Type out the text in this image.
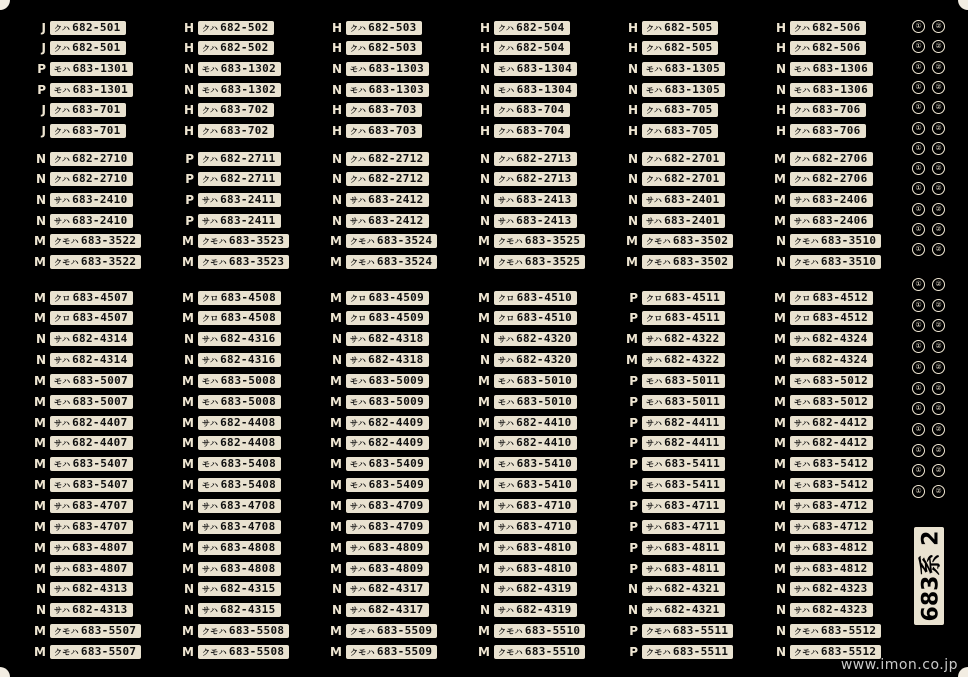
J	クハ 682-501	H	クハ 682-502	H	クハ 682-503	H	クハ 682-504	H	クハ 682-505	H	クハ 682-506
J	クハ 682-501	H	クハ 682-502	H	クハ 682-503	H	クハ 682-504	H	クハ 682-505	H	クハ 682-506
P	モハ 683-1301	N	モハ 683-1302	N	モハ 683-1303	N	モハ 683-1304	N	モハ 683-1305	N	モハ 683-1306
P	モハ 683-1301	N	モハ 683-1302	N	モハ 683-1303	N	モハ 683-1304	N	モハ 683-1305	N	モハ 683-1306
J	クハ 683-701	H	クハ 683-702	H	クハ 683-703	H	クハ 683-704	H	クハ 683-705	H	クハ 683-706
J	クハ 683-701	H	クハ 683-702	H	クハ 683-703	H	クハ 683-704	H	クハ 683-705	H	クハ 683-706
N	クハ 682-2710	P	クハ 682-2711	N	クハ 682-2712	N	クハ 682-2713	N	クハ 682-2701	M	クハ 682-2706
N	クハ 682-2710	P	クハ 682-2711	N	クハ 682-2712	N	クハ 682-2713	N	クハ 682-2701	M	クハ 682-2706
N	サハ 683-2410	P	サハ 683-2411	N	サハ 683-2412	N	サハ 683-2413	N	サハ 683-2401	M	サハ 683-2406
N	サハ 683-2410	P	サハ 683-2411	N	サハ 683-2412	N	サハ 683-2413	N	サハ 683-2401	M	サハ 683-2406
M	クモハ 683-3522	M	クモハ 683-3523	M	クモハ 683-3524	M	クモハ 683-3525	M	クモハ 683-3502	N	クモハ 683-3510
M	クモハ 683-3522	M	クモハ 683-3523	M	クモハ 683-3524	M	クモハ 683-3525	M	クモハ 683-3502	N	クモハ 683-3510
M	クロ 683-4507	M	クロ 683-4508	M	クロ 683-4509	M	クロ 683-4510	P	クロ 683-4511	M	クロ 683-4512
M	クロ 683-4507	M	クロ 683-4508	M	クロ 683-4509	M	クロ 683-4510	P	クロ 683-4511	M	クロ 683-4512
N	サハ 682-4314	N	サハ 682-4316	N	サハ 682-4318	N	サハ 682-4320	M	サハ 682-4322	M	サハ 682-4324
N	サハ 682-4314	N	サハ 682-4316	N	サハ 682-4318	N	サハ 682-4320	M	サハ 682-4322	M	サハ 682-4324
M	モハ 683-5007	M	モハ 683-5008	M	モハ 683-5009	M	モハ 683-5010	P	モハ 683-5011	M	モハ 683-5012
M	モハ 683-5007	M	モハ 683-5008	M	モハ 683-5009	M	モハ 683-5010	P	モハ 683-5011	M	モハ 683-5012
M	サハ 682-4407	M	サハ 682-4408	M	サハ 682-4409	M	サハ 682-4410	P	サハ 682-4411	M	サハ 682-4412
M	サハ 682-4407	M	サハ 682-4408	M	サハ 682-4409	M	サハ 682-4410	P	サハ 682-4411	M	サハ 682-4412
M	モハ 683-5407	M	モハ 683-5408	M	モハ 683-5409	M	モハ 683-5410	P	モハ 683-5411	M	モハ 683-5412
M	モハ 683-5407	M	モハ 683-5408	M	モハ 683-5409	M	モハ 683-5410	P	モハ 683-5411	M	モハ 683-5412
M	サハ 683-4707	M	サハ 683-4708	M	サハ 683-4709	M	サハ 683-4710	P	サハ 683-4711	M	サハ 683-4712
M	サハ 683-4707	M	サハ 683-4708	M	サハ 683-4709	M	サハ 683-4710	P	サハ 683-4711	M	サハ 683-4712
M	サハ 683-4807	M	サハ 683-4808	M	サハ 683-4809	M	サハ 683-4810	P	サハ 683-4811	M	サハ 683-4812
M	サハ 683-4807	M	サハ 683-4808	M	サハ 683-4809	M	サハ 683-4810	P	サハ 683-4811	M	サハ 683-4812
N	サハ 682-4313	N	サハ 682-4315	N	サハ 682-4317	N	サハ 682-4319	N	サハ 682-4321	N	サハ 682-4323
N	サハ 682-4313	N	サハ 682-4315	N	サハ 682-4317	N	サハ 682-4319	N	サハ 682-4321	N	サハ 682-4323
M	クモハ 683-5507	M	クモハ 683-5508	M	クモハ 683-5509	M	クモハ 683-5510	P	クモハ 683-5511	N	クモハ 683-5512
M	クモハ 683-5507	M	クモハ 683-5508	M	クモハ 683-5509	M	クモハ 683-5510	P	クモハ 683-5511	N	クモハ 683-5512
①	②
①	②
①	②
①	②
①	②
①	②
①	②
①	②
①	②
①	②
①	②
①	②
①	②
①	②
①	②
①	②
①	②
①	②
①	②
①	②
①	②
①	②
①	②
683系 2
www.imon.co.jp
